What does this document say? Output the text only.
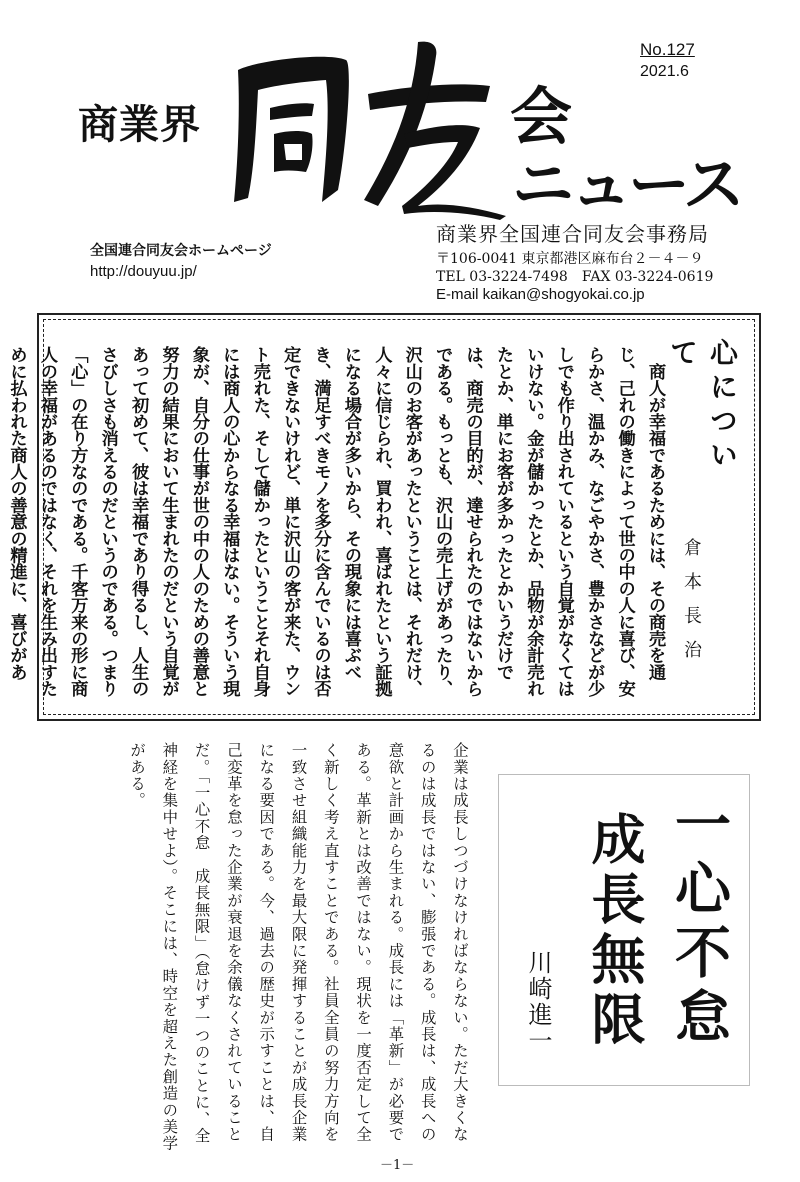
No.127
2021.6
商業界	会
ニュース
商業界全国連合同友会事務局
〒106-0041 東京都港区麻布台２－４－９
TEL 03-3224-7498　FAX 03-3224-0619
E-mail kaikan@shogyokai.co.jp
全国連合同友会ホームページ
http://douyuu.jp/
心について
倉本長治

　商人が幸福であるためには、その商売を通じ、己れの働きによって世の中の人に喜び、安らかさ、温かみ、なごやかさ、豊かさなどが少しでも作り出されているという自覚がなくてはいけない。金が儲かったとか、品物が余計売れたとか、単にお客が多かったとかいうだけでは、商売の目的が、達せられたのではないからである。もっとも、沢山の売上げがあったり、沢山のお客があったということは、それだけ、人々に信じられ、買われ、喜ばれたという証拠になる場合が多いから、その現象には喜ぶべき、満足すべきモノを多分に含んでいるのは否定できないけれど、単に沢山の客が来た、ウント売れた、そして儲かったということそれ自身には商人の心からなる幸福はない。そういう現象が、自分の仕事が世の中の人のための善意と努力の結果において生まれたのだという自覚があって初めて、彼は幸福であり得るし、人生のさびしさも消えるのだというのである。つまり「心」の在り方なのである。千客万来の形に商人の幸福があるのではなく、それを生み出すために払われた商人の善意の精進に、喜びがあ

一心不怠
成長無限
川崎進一

企業は成長しつづけなければならない。ただ大きくなるのは成長ではない、膨張である。成長は、成長への意欲と計画から生まれる。成長には「革新」が必要である。革新とは改善ではない。現状を一度否定して全く新しく考え直すことである。社員全員の努力方向を一致させ組織能力を最大限に発揮することが成長企業になる要因である。今、過去の歴史が示すことは、自己変革を怠った企業が衰退を余儀なくされていることだ。「一心不怠　成長無限」（怠けず一つのことに、全神経を集中せよ）。そこには、時空を超えた創造の美学がある。

－1－
